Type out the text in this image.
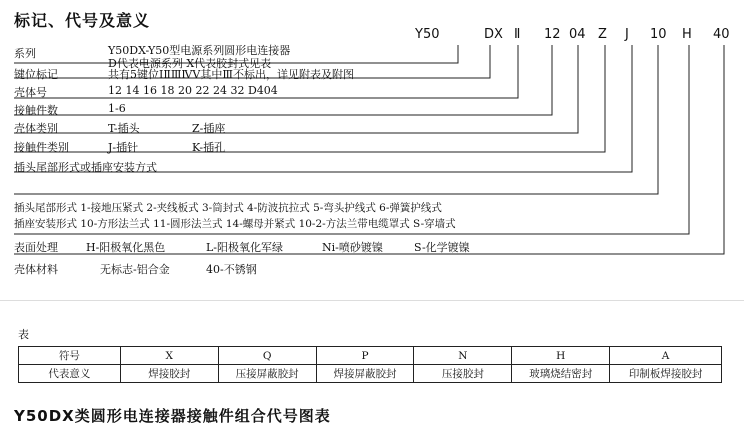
标记、代号及意义
Y50	DX Ⅱ 12 04 Z J 10 H 40
系列	Y50DX-Y50型电源系列圆形电连接器
D代表电源系列 X代表胶封式见表
键位标记	共有5键位ⅠⅡⅢⅣⅤ其中Ⅲ不标出，详见附表及附图
壳体号	12 14 16 18 20 22 24 32 D404
接触件数	1-6
壳体类别	T-插头	Z-插座
接触件类别	J-插针	K-插孔
插头尾部形式或插座安装方式
插头尾部形式 1-接地压紧式 2-夹线板式 3-筒封式 4-防波抗拉式 5-弯头护线式 6-弹簧护线式
插座安装形式 10-方形法兰式 11-圆形法兰式 14-螺母并紧式 10-2-方法兰带电缆罩式 S-穿墙式
表面处理	H-阳极氧化黑色	L-阳极氧化军绿	Ni-喷砂镀镍	S-化学镀镍
壳体材料	无标志-铝合金	40-不锈钢
表
符号	X	Q	P	N	H	A
代表意义	焊接胶封	压接屏蔽胶封	焊接屏蔽胶封	压接胶封	玻璃烧结密封	印制板焊接胶封
Y50DX类圆形电连接器接触件组合代号图表
